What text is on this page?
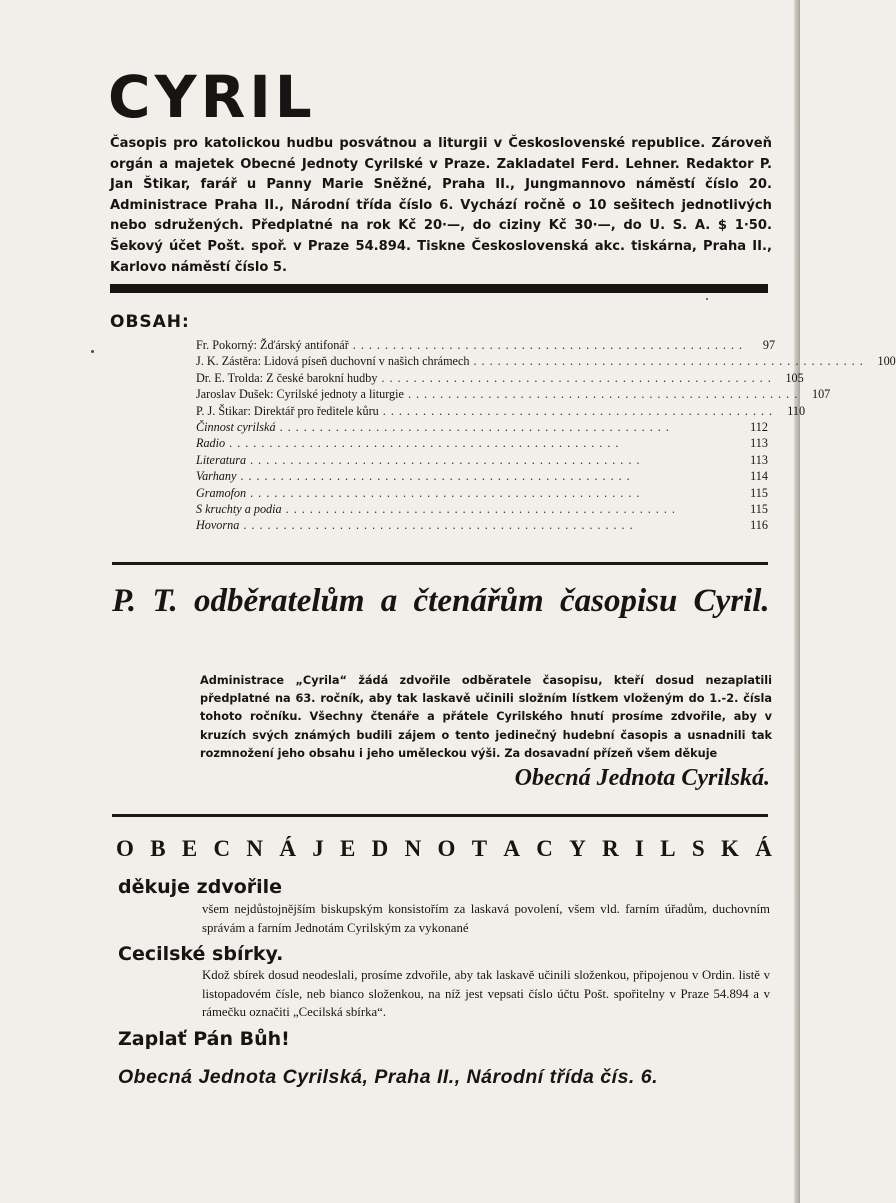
CYRIL

Časopis pro katolickou hudbu posvátnou a liturgii v Československé republice. Zároveň orgán a majetek Obecné Jednoty Cyrilské v Praze. Zakladatel Ferd. Lehner. Redaktor P. Jan Štikar, farář u Panny Marie Sněžné, Praha II., Jungmannovo náměstí číslo 20. Administrace Praha II., Národní třída číslo 6. Vychází ročně o 10 sešitech jednotlivých nebo sdružených. Předplatné na rok Kč 20·—, do ciziny Kč 30·—, do U. S. A. $ 1·50. Šekový účet Pošt. spoř. v Praze 54.894. Tiskne Československá akc. tiskárna, Praha II., Karlovo náměstí číslo 5.

OBSAH:
Fr. Pokorný: Žďárský antifonář .................................................	97
J. K. Zástěra: Lidová píseň duchovní v našich chrámech ................................................. 100
Dr. E. Trolda: Z české barokní hudby ................................................. 105
Jaroslav Dušek: Cyrilské jednoty a liturgie ................................................. 107
P. J. Štikar: Direktář pro ředitele kůru ................................................. 110
Činnost cyrilská .................................................	112
Radio .................................................	113
Literatura .................................................	113
Varhany .................................................	114
Gramofon .................................................	115
S kruchty a podia .................................................	115
Hovorna .................................................	116
P. T. odběratelům a čtenářům časopisu Cyril.

Administrace „Cyrila“ žádá zdvořile odběratele časopisu, kteří dosud nezaplatili předplatné na 63. ročník, aby tak laskavě učinili složním lístkem vloženým do 1.-2. čísla tohoto ročníku. Všechny čtenáře a přátele Cyrilského hnutí prosíme zdvořile, aby v kruzích svých známých budili zájem o tento jedinečný hudební časopis a usnadnili tak rozmnožení jeho obsahu i jeho uměleckou výši. Za dosavadní přízeň všem děkuje

Obecná Jednota Cyrilská.

O B E C N Á J E D N O T A C Y R I L S K Á
děkuje zdvořile

všem nejdůstojnějším biskupským konsistořím za laskavá povolení, všem vld. farním úřadům, duchovním správám a farním Jednotám Cyrilským za vykonané

Cecilské sbírky.

Kdož sbírek dosud neodeslali, prosíme zdvořile, aby tak laskavě učinili složenkou, připojenou v Ordin. listě v listopadovém čísle, neb bianco složenkou, na níž jest vepsati číslo účtu Pošt. spořitelny v Praze 54.894 a v rámečku označiti „Cecilská sbírka“.

Zaplať Pán Bůh!

Obecná Jednota Cyrilská, Praha II., Národní třída čís. 6.
